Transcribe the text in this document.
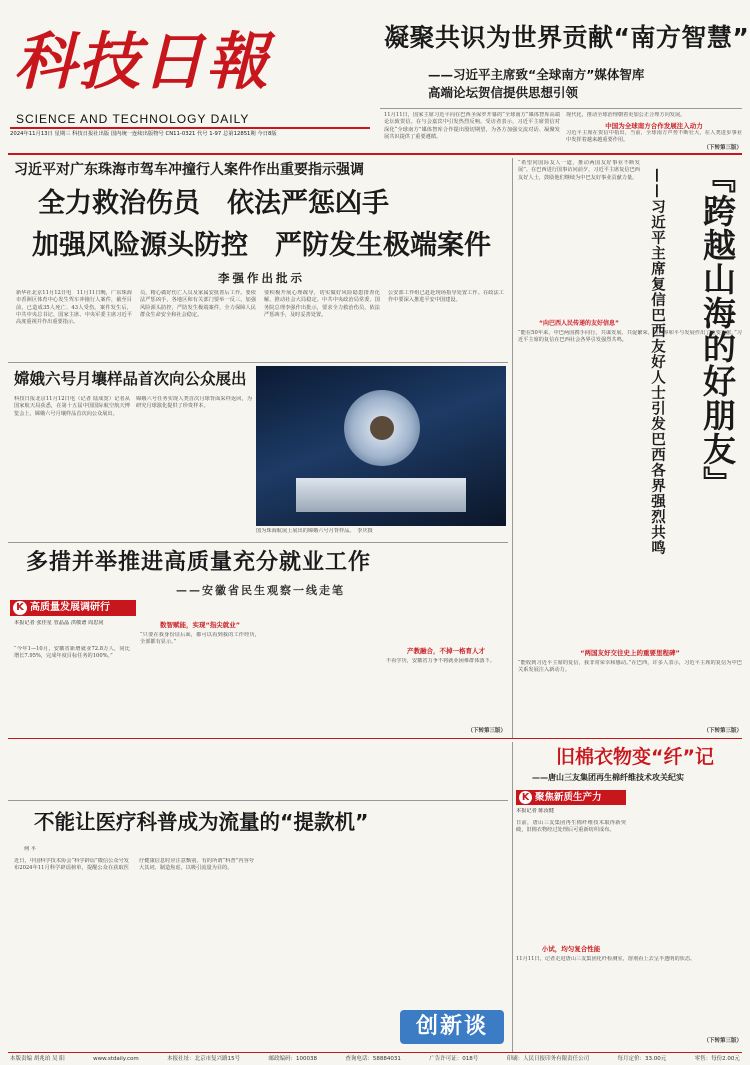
科技日報
SCIENCE AND TECHNOLOGY DAILY
2024年11月13日 星期三 科技日报社出版 国内统一连续出版物号 CN11-0321 代号 1-97 总第12851期 今日8版
凝聚共识为世界贡献“南方智慧”
——习近平主席致“全球南方”媒体智库
高端论坛贺信提供思想引领
11月11日，国家主席习近平向在巴西圣保罗开幕的“全球南方”媒体智库高端论坛致贺信。在与会嘉宾中引发热烈反响。受访者表示，习近平主席贺信对深化“全球南方”媒体智库合作提出殷切期望，为各方加强交流对话、凝聚发展共识提供了重要遵循。
现代化，推动全球治理朝着更加公正合理方向发展。
中国为全球南方合作发展注入动力
习近平主席在贺信中指出，当前，全球南方声势不断壮大，在人类进步事业中发挥着越来越重要作用。
（下转第三版）
习近平对广东珠海市驾车冲撞行人案件作出重要指示强调
全力救治伤员　依法严惩凶手
加强风险源头防控　严防发生极端案件
李强作出批示
新华社北京11月12日电　11月11日晚，广东珠海市香洲区体育中心发生驾车冲撞行人案件，截至目前，已造成35人死亡、43人受伤。案件发生后，中共中央总书记、国家主席、中央军委主席习近平高度重视并作出重要指示。
员，精心做好伤亡人员及家属安抚善后工作。要依法严惩凶手，各地区和有关部门要举一反三，加强风险源头防控，严防发生极端案件，全力保障人民群众生命安全和社会稳定。
要积极开展心理疏导，切实做好风险隐患排查化解，推动社会大局稳定。中共中央政治局常委、国务院总理李强作出批示，要求全力救治伤员，依法严惩凶手，及时妥善处置。
公安部工作组已赶赴现场指导处置工作。在政法工作中要深入推进平安中国建设。	『跨越山海的好朋友』
——习近平主席复信巴西友好人士引发巴西各界强烈共鸣
“希望同国际友人一道，推动两国友好事业不断发展”。在巴西进行国事访问前夕，习近平主席复信巴西友好人士，鼓励他们继续为中巴友好事业贡献力量。
“向巴西人民传递的友好信息”
“能在50年来，中巴两国携手同行，共谋发展、共促繁荣，为世界和平与发展作出了重要贡献。”习近平主席的复信在巴西社会各界引发强烈共鸣。
“两国友好交往史上的重要里程碑”
“能收到习近平主席的复信，我非常荣幸和感动。”在巴西，许多人表示，习近平主席的复信为中巴关系发展注入新动力。
（下转第三版）
嫦娥六号月壤样品首次向公众展出
科技日报北京11月12日电（记者 陆成宽）记者从国家航天局获悉，在第十五届中国国际航空航天博览会上，嫦娥六号月壤样品首次向公众展出。
嫦娥六号任务实现人类首次月球背面采样返回，为研究月球演化提供了珍贵样本。
图为珠海航展上展出的嫦娥六号月背样品。　李庆摄
多措并举推进高质量充分就业工作
——安徽省民生观察一线走笔
K 高质量发展调研行
本报记者 张佳星 管晶晶 洪敬谱 周思同
“今年1—10月，安徽省新增就业72.8万人，同比增长7.95%，完成年度目标任务的100%。”
数智赋能，实现“指尖就业”
“只要在我身份证后面，都可以看到我的工作经历，全部都有显示。”
产教融合，不掉一格育人才
不看学历，安徽省力争不将就业困难群体落下。
（下转第三版）
旧棉衣物变“纤”记
——唐山三友集团再生棉纤维技术攻关纪实
K 聚焦新质生产力
本报记者 陈汝健
日前，唐山三友集团再生棉纤维技术取得新突破，旧棉衣物经过处理后可重新纺织成布。
小试，均匀复合性能
11月11日，记者走进唐山三友集团化纤检测室，溶剂看上去呈半透明的状态。
（下转第三版）
不能让医疗科普成为流量的“提款机”
何 平
近日，中国科学技术协会“科学辟谣”微信公众号发布2024年11月科学辟谣榜单，提醒公众在获取医疗健康信息时应注意甄别。有的所谓“科普”内容夸大其词、制造焦虑，以吸引流量为目的。
创新谈
本版责编 胡兆珀 吴 阳	www.stdaily.com	本报社址：北京市复兴路15号	邮政编码：100038	查询电话：58884031	广告许可证：018号	印刷：人民日报印务有限责任公司	每月定价：33.00元	零售：每份2.00元
